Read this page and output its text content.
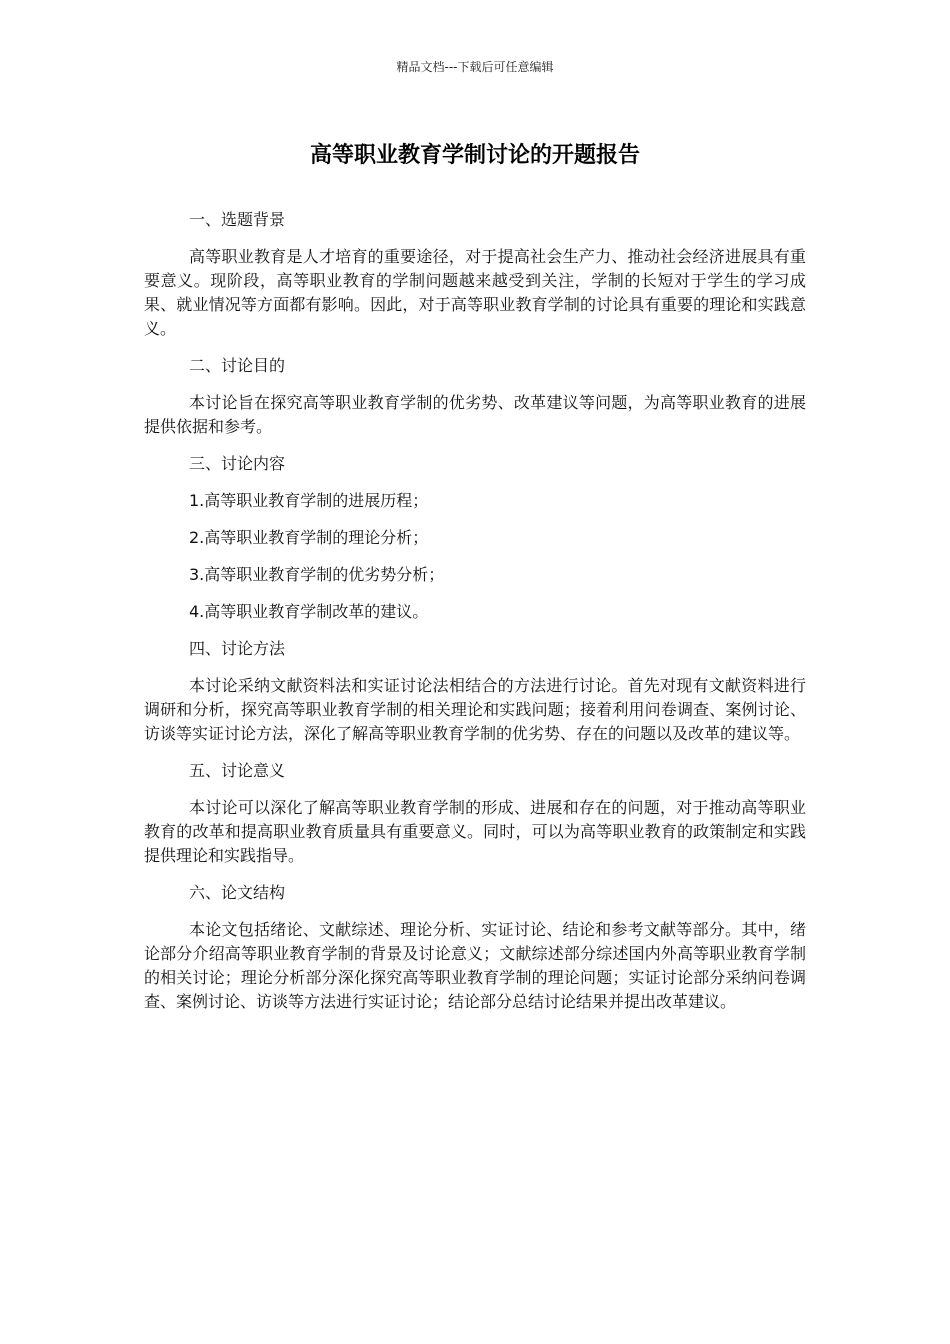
精品文档---下载后可任意编辑
高等职业教育学制讨论的开题报告

一、选题背景

高等职业教育是人才培育的重要途径，对于提高社会生产力、推动社会经济进展具有重要意义。现阶段，高等职业教育的学制问题越来越受到关注，学制的长短对于学生的学习成果、就业情况等方面都有影响。因此，对于高等职业教育学制的讨论具有重要的理论和实践意义。

二、讨论目的

本讨论旨在探究高等职业教育学制的优劣势、改革建议等问题，为高等职业教育的进展提供依据和参考。

三、讨论内容

1.高等职业教育学制的进展历程；

2.高等职业教育学制的理论分析；

3.高等职业教育学制的优劣势分析；

4.高等职业教育学制改革的建议。

四、讨论方法

本讨论采纳文献资料法和实证讨论法相结合的方法进行讨论。首先对现有文献资料进行调研和分析，探究高等职业教育学制的相关理论和实践问题；接着利用问卷调查、案例讨论、访谈等实证讨论方法，深化了解高等职业教育学制的优劣势、存在的问题以及改革的建议等。

五、讨论意义

本讨论可以深化了解高等职业教育学制的形成、进展和存在的问题，对于推动高等职业教育的改革和提高职业教育质量具有重要意义。同时，可以为高等职业教育的政策制定和实践提供理论和实践指导。

六、论文结构

本论文包括绪论、文献综述、理论分析、实证讨论、结论和参考文献等部分。其中，绪论部分介绍高等职业教育学制的背景及讨论意义；文献综述部分综述国内外高等职业教育学制的相关讨论；理论分析部分深化探究高等职业教育学制的理论问题；实证讨论部分采纳问卷调查、案例讨论、访谈等方法进行实证讨论；结论部分总结讨论结果并提出改革建议。
